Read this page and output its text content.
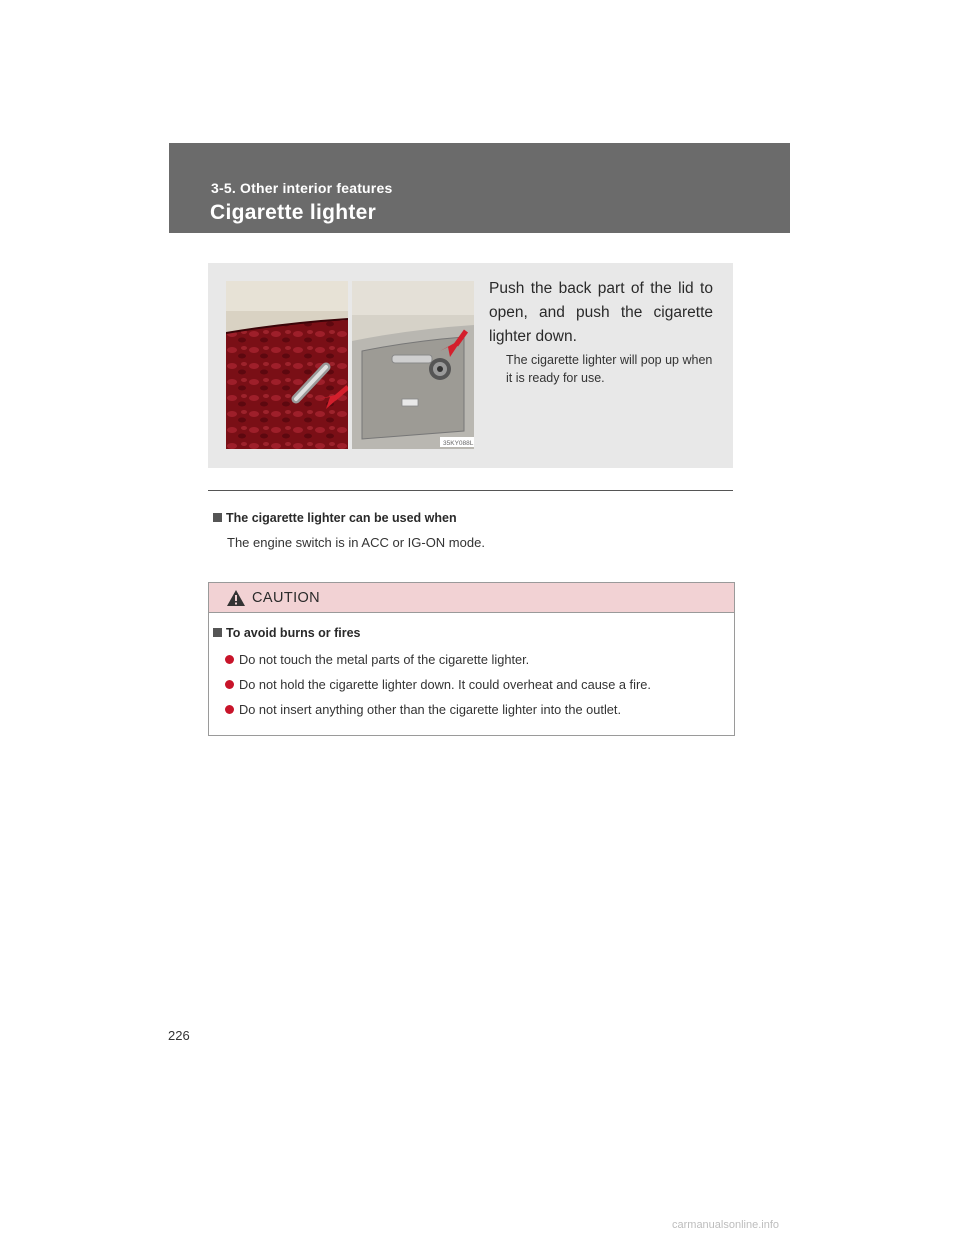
3-5. Other interior features
Cigarette lighter
35KY088L
Push the back part of the lid to open, and push the cigarette lighter down.
The cigarette lighter will pop up when it is ready for use.
The cigarette lighter can be used when
The engine switch is in ACC or IG-ON mode.
CAUTION
To avoid burns or fires
Do not touch the metal parts of the cigarette lighter.
Do not hold the cigarette lighter down. It could overheat and cause a fire.
Do not insert anything other than the cigarette lighter into the outlet.
226
carmanualsonline.info
